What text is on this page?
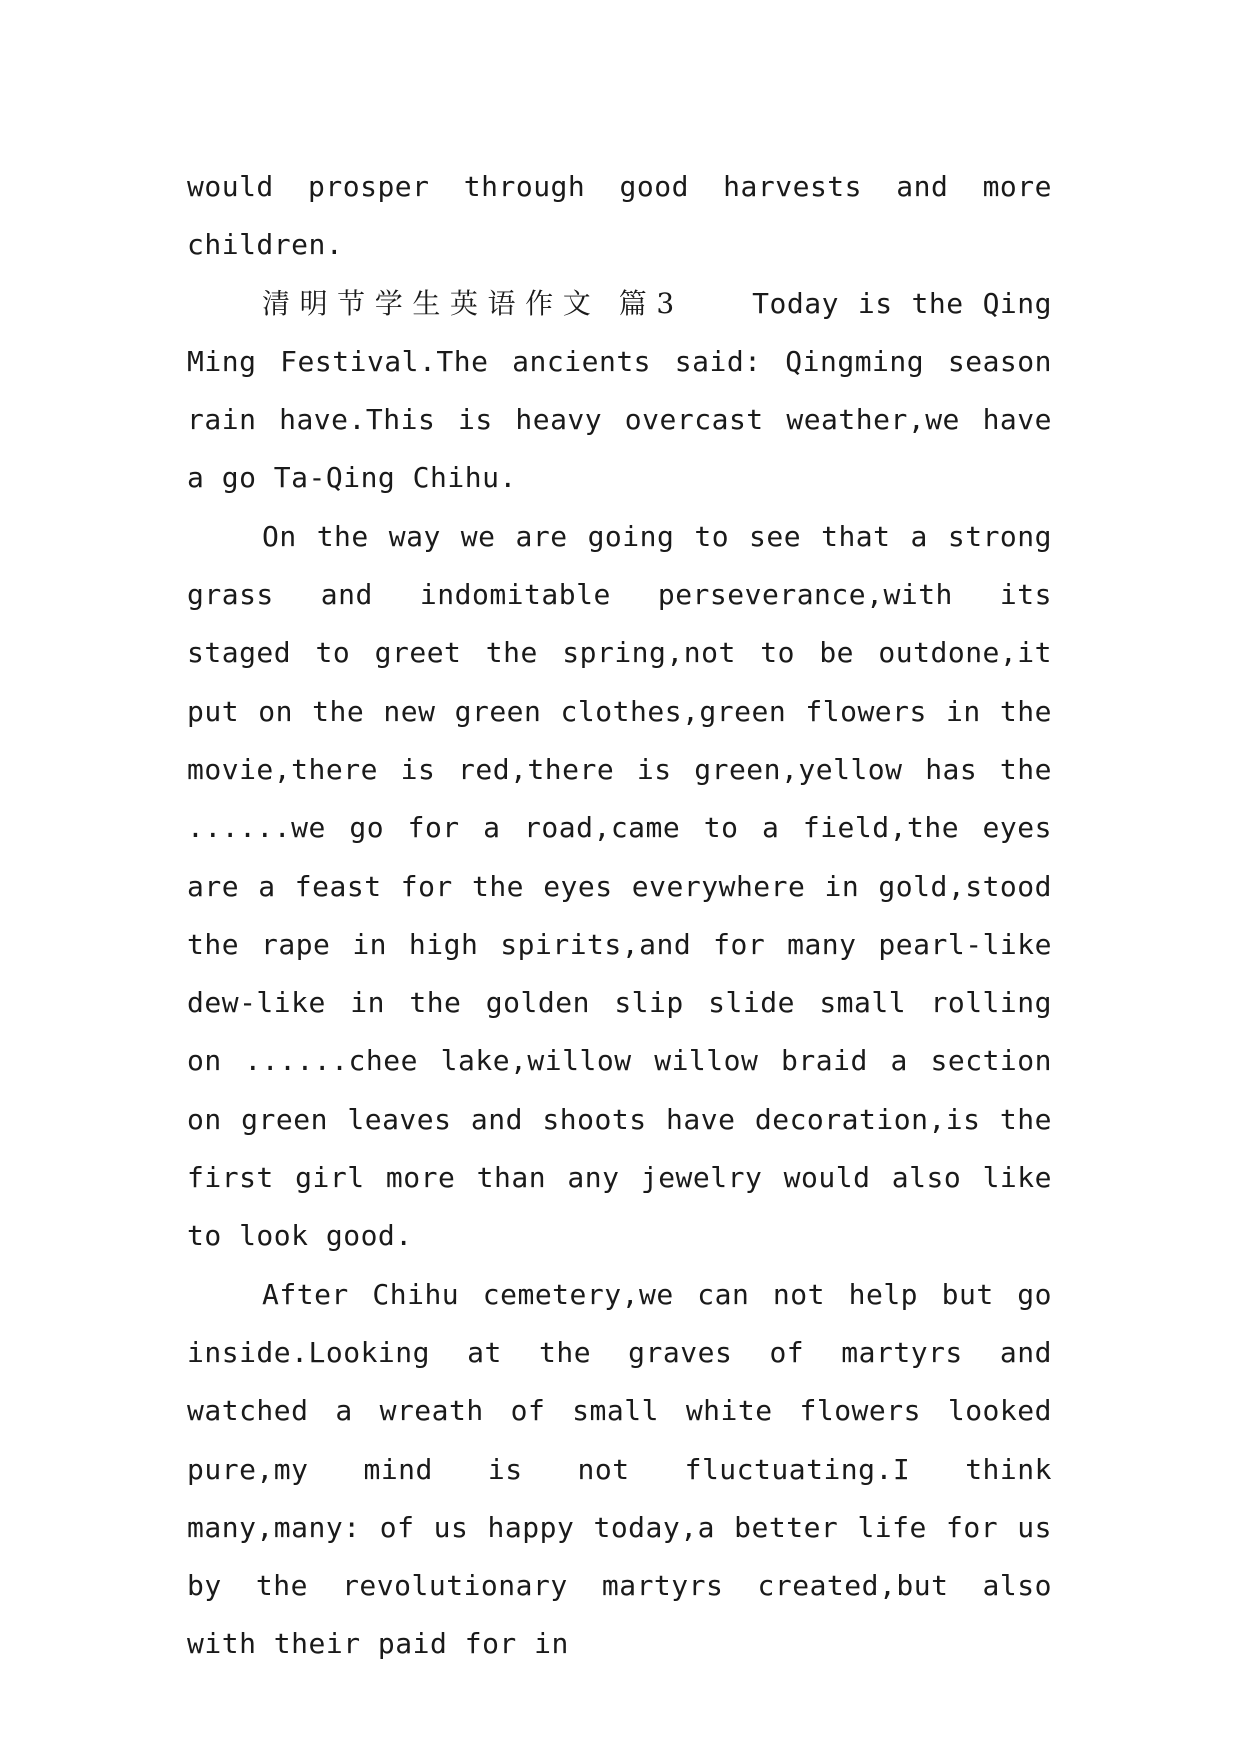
would prosper through good harvests and more children.

清明节学生英语作文 篇3	Today is the Qing Ming Festival.The ancients said: Qingming season rain have.This is heavy overcast weather,we have a go Ta-Qing Chihu.

On the way we are going to see that a strong grass and indomitable perseverance,with its staged to greet the spring,not to be outdone,it put on the new green clothes,green flowers in the movie,there is red,there is green,yellow has the ......we go for a road,came to a field,the eyes are a feast for the eyes everywhere in gold,stood the rape in high spirits,and for many pearl-like dew-like in the golden slip slide small rolling on ......chee lake,willow willow braid a section on green leaves and shoots have decoration,is the first girl more than any jewelry would also like to look good.

After Chihu cemetery,we can not help but go inside.Looking at the graves of martyrs and watched a wreath of small white flowers looked pure,my mind is not fluctuating.I think many,many: of us happy today,a better life for us by the revolutionary martyrs created,but also with their paid for in
